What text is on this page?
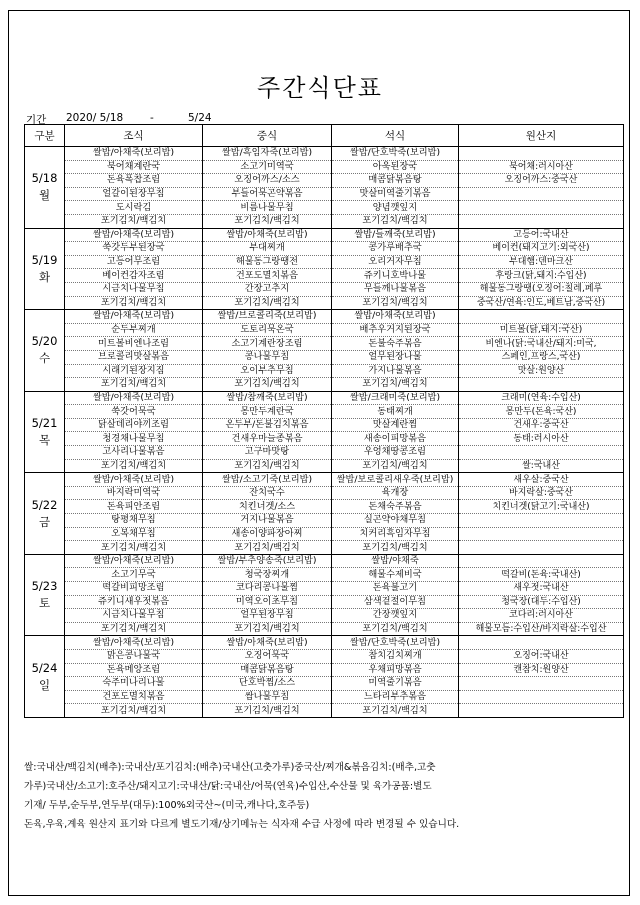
주간식단표
기간 2020/ 5/18	-	5/24
구분	조식	중식	석식	원산지

5/18
월	쌀밥/아채죽(보리밥)	쌀밥/흑임자죽(보리밥)	쌀밥/단호박죽(보리밥)	
	북어채계란국	소고기미역국	아욱된장국	북어채:러시아산
	돈육폭찹조림	오징어까스/소스	매콤닭볶음탕	오징어까스:중국산
	얼갈이된장무침	부들어묵곤약볶음	맛살미역줄기볶음	
	도시락김	비름나물무침	양념깻잎지	
	포기김치/백김치	포기김치/백김치	포기김치/백김치	

5/19
화	쌀밥/아채죽(보리밥)	쌀밥/아채죽(보리밥)	쌀밥/들깨죽(보리밥)	고등어:국내산
	쑥갓두부된장국	부대찌개	콩가루배추국	베이컨(돼지고기:외국산)
	고등어무조림	해물동그랑땡전	오리거자무침	부대햄:덴마크산
	베이컨감자조림	건포도멸치볶음	쥬키니호박나물	후랑크(닭,돼지:수입산)
	시금치나물무침	간장고추지	무들깨나물볶음	해물동그랑땡(오징어:칠레,페루
	포기김치/백김치	포기김치/백김치	포기김치/백김치	중국산/연육:인도,베트남,중국산)

5/20
수	쌀밥/아채죽(보리밥)	쌀밥/브로콜리죽(보리밥)	쌀밥/아채죽(보리밥)	
	순두부찌개	도토리묵온국	배추우거지된장국	미트볼(닭,돼지:국산)
	미트볼비엔나조림	소고기계란장조림	돈불숙주볶음	비엔나(닭:국내산/돼지:미국,
	브로콜리맛살볶음	콩나물무침	얼무된장나물	스페인,프랑스,국산)
	시래기된장지짐	오이부추무침	가지나물볶음	맛살:원양산
	포기김치/백김치	포기김치/백김치	포기김치/백김치	

5/21
목	쌀밥/아채죽(보리밥)	쌀밥/참깨죽(보리밥)	쌀밥/크래미죽(보리밥)	크래미(연육:수입산)
	쑥갓어묵국	몽만두계란국	동태찌개	몽만두(돈육:국산)
	닭살데리야끼조림	온두부/돈불김치볶음	맛살계란찜	건새우:중국산
	청경채나물무침	건새우마늘종볶음	새송이피망볶음	동태:러시아산
	고사리나물볶음	고구마맛탕	우엉채땅콩조림	
	포기김치/백김치	포기김치/백김치	포기김치/백김치	쌀:국내산

5/22
금	쌀밥/아채죽(보리밥)	쌀밥/소고기죽(보리밥)	쌀밥/보로콜리새우죽(보리밥)	새우살:중국산
	바지락미역국	잔치국수	육개장	바지락살:중국산
	돈육피안조림	치킨너겟/소스	돈채숙주볶음	치킨너겟(닭고기:국내산)
	탕평채무침	거지나물볶음	실곤약야채무침	
	오복채무침	새송이양파장아찌	치커리흑임자무침	
	포기김치/백김치	포기김치/백김치	포기김치/백김치	

5/23
토	쌀밥/아채죽(보리밥)	쌀밥/부추양송죽(보리밥)	쌀밥/야채죽	
	소고기무국	청국장찌개	해물수제비국	떡갈비(돈육:국내산)
	떡갈비피망조림	코다리콩나물찜	돈육불고기	새우젓:국내산
	쥬키니새우젓볶음	미역오이초무침	삼색겉절이무침	청국장(대두:수입산)
	시금치나물무침	얼무된장무침	간장깻잎지	코다리:러시아산
	포기김치/백김치	포기김치/백김치	포기김치/백김치	해물모듬:수입산/바지락살:수입산

5/24
일	쌀밥/아채죽(보리밥)	쌀밥/아채죽(보리밥)	쌀밥/단호박죽(보리밥)	
	맑은콩나물국	오징어묵국	참치김치찌개	오징어:국내산
	돈육메앙조림	매콤닭볶음탕	우채피망볶음	캔참치:원양산
	숙주미나리나물	단호박찜/소스	미역줄기볶음	
	건포도멸치볶음	쌈나물무침	느타리부추볶음	
	포기김치/백김치	포기김치/백김치	포기김치/백김치	
쌀:국내산/백김치(배추):국내산/포기김치:(배추)국내산(고춧가루)중국산/찌개&볶음김치:(배추,고춧
가루)국내산/소고기:호주산/돼지고기:국내산/닭:국내산/어묵(연육)수입산,수산물 및 육가공품:별도
기재/ 두부,순두부,연두부(대두):100%외국산~(미국,캐나다,호주등)
돈육,우육,계육 원산지 표기와 다르게 별도기재/상기메뉴는 식자재 수급 사정에 따라 변경될 수 있습니다.
